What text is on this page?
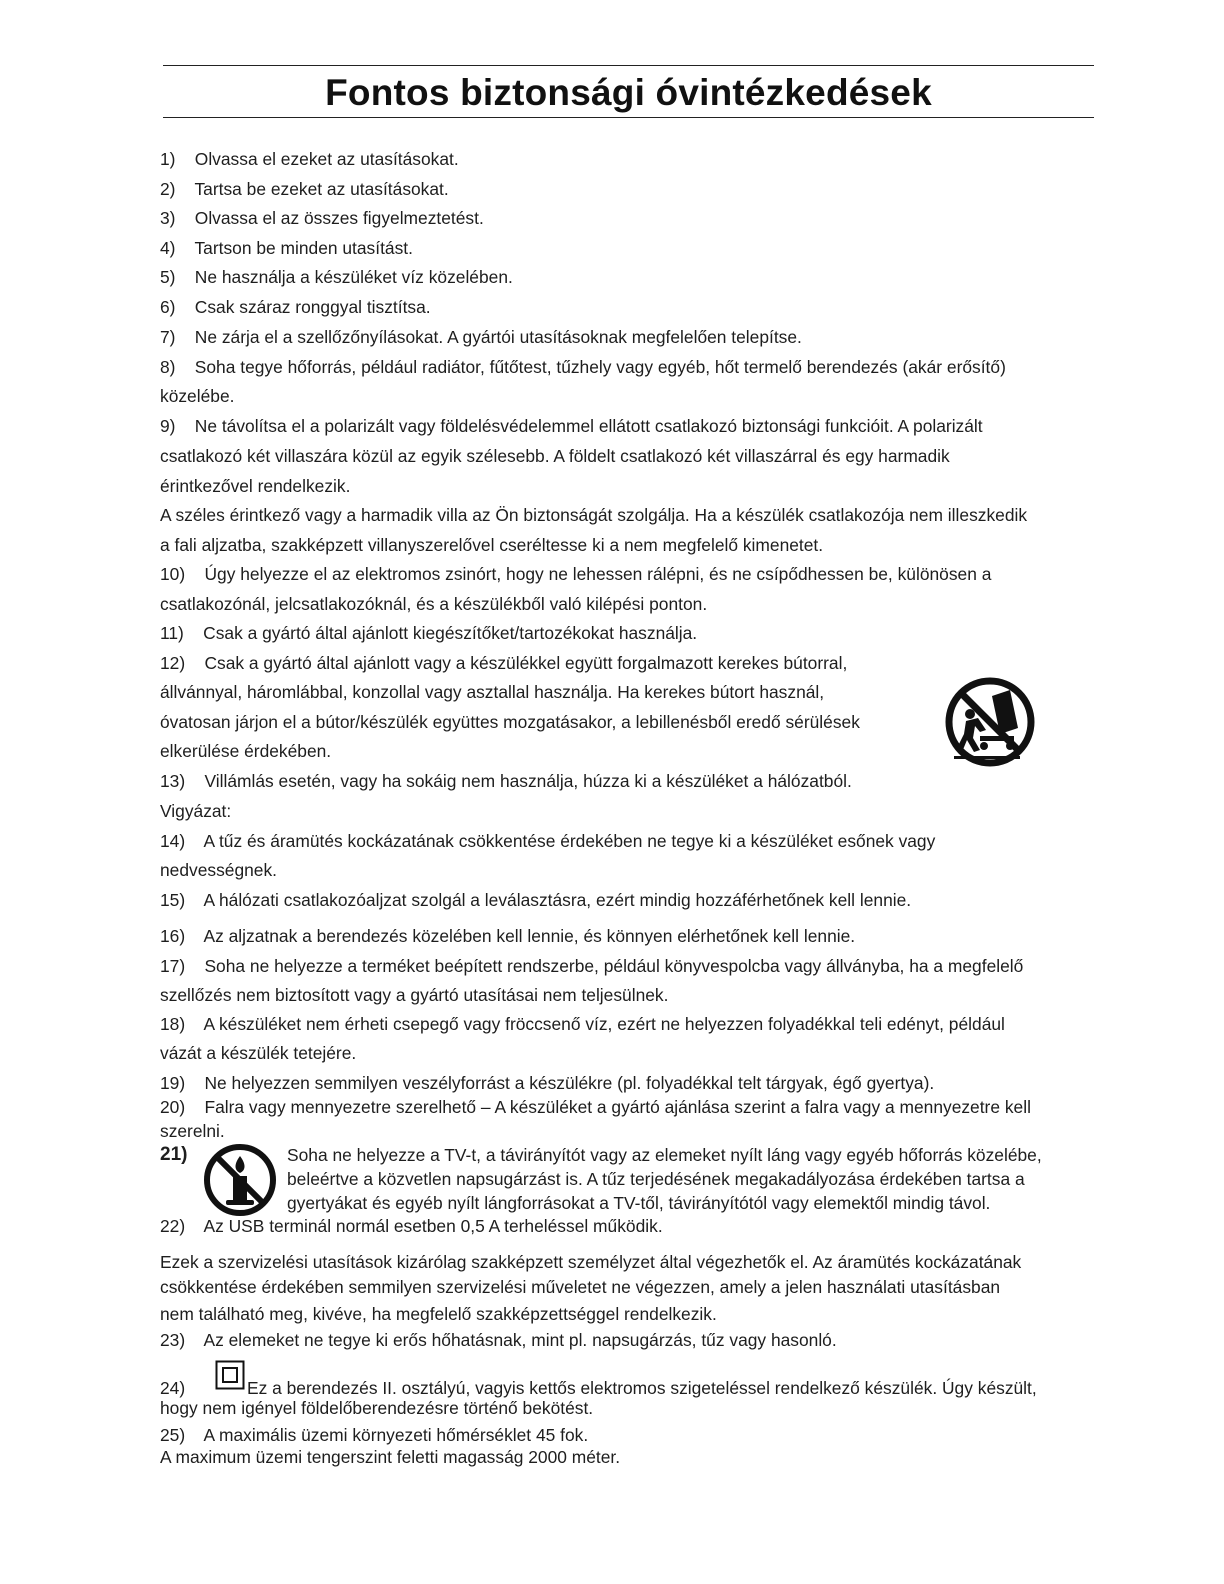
Fontos biztonsági óvintézkedések
1)    Olvassa el ezeket az utasításokat.
2)    Tartsa be ezeket az utasításokat.
3)    Olvassa el az összes figyelmeztetést.
4)    Tartson be minden utasítást.
5)    Ne használja a készüléket víz közelében.
6)    Csak száraz ronggyal tisztítsa.
7)    Ne zárja el a szellőzőnyílásokat. A gyártói utasításoknak megfelelően telepítse.
8)    Soha tegye hőforrás, például radiátor, fűtőtest, tűzhely vagy egyéb, hőt termelő berendezés (akár erősítő)
közelébe.
9)    Ne távolítsa el a polarizált vagy földelésvédelemmel ellátott csatlakozó biztonsági funkcióit. A polarizált
csatlakozó két villaszára közül az egyik szélesebb. A földelt csatlakozó két villaszárral és egy harmadik
érintkezővel rendelkezik.
A széles érintkező vagy a harmadik villa az Ön biztonságát szolgálja. Ha a készülék csatlakozója nem illeszkedik
a fali aljzatba, szakképzett villanyszerelővel cseréltesse ki a nem megfelelő kimenetet.
10)    Úgy helyezze el az elektromos zsinórt, hogy ne lehessen rálépni, és ne csípődhessen be, különösen a
csatlakozónál, jelcsatlakozóknál, és a készülékből való kilépési ponton.
11)    Csak a gyártó által ajánlott kiegészítőket/tartozékokat használja.
12)    Csak a gyártó által ajánlott vagy a készülékkel együtt forgalmazott kerekes bútorral,
állvánnyal, háromlábbal, konzollal vagy asztallal használja. Ha kerekes bútort használ,
óvatosan járjon el a bútor/készülék együttes mozgatásakor, a lebillenésből eredő sérülések
elkerülése érdekében.
13)    Villámlás esetén, vagy ha sokáig nem használja, húzza ki a készüléket a hálózatból.
Vigyázat:
14)    A tűz és áramütés kockázatának csökkentése érdekében ne tegye ki a készüléket esőnek vagy
nedvességnek.
15)    A hálózati csatlakozóaljzat szolgál a leválasztásra, ezért mindig hozzáférhetőnek kell lennie.
16)    Az aljzatnak a berendezés közelében kell lennie, és könnyen elérhetőnek kell lennie.
17)    Soha ne helyezze a terméket beépített rendszerbe, például könyvespolcba vagy állványba, ha a megfelelő
szellőzés nem biztosított vagy a gyártó utasításai nem teljesülnek.
18)    A készüléket nem érheti csepegő vagy fröccsenő víz, ezért ne helyezzen folyadékkal teli edényt, például
vázát a készülék tetejére.
19)    Ne helyezzen semmilyen veszélyforrást a készülékre (pl. folyadékkal telt tárgyak, égő gyertya).
20)    Falra vagy mennyezetre szerelhető – A készüléket a gyártó ajánlása szerint a falra vagy a mennyezetre kell
szerelni.
21)	Soha ne helyezze a TV-t, a távirányítót vagy az elemeket nyílt láng vagy egyéb hőforrás közelébe,
beleértve a közvetlen napsugárzást is. A tűz terjedésének megakadályozása érdekében tartsa a
gyertyákat és egyéb nyílt lángforrásokat a TV-től, távirányítótól vagy elemektől mindig távol.
22)    Az USB terminál normál esetben 0,5 A terheléssel működik.
Ezek a szervizelési utasítások kizárólag szakképzett személyzet által végezhetők el. Az áramütés kockázatának
csökkentése érdekében semmilyen szervizelési műveletet ne végezzen, amely a jelen használati utasításban
nem található meg, kivéve, ha megfelelő szakképzettséggel rendelkezik.
23)    Az elemeket ne tegye ki erős hőhatásnak, mint pl. napsugárzás, tűz vagy hasonló.
24)	Ez a berendezés II. osztályú, vagyis kettős elektromos szigeteléssel rendelkező készülék. Úgy készült,
hogy nem igényel földelőberendezésre történő bekötést.
25)    A maximális üzemi környezeti hőmérséklet 45 fok.
A maximum üzemi tengerszint feletti magasság 2000 méter.
